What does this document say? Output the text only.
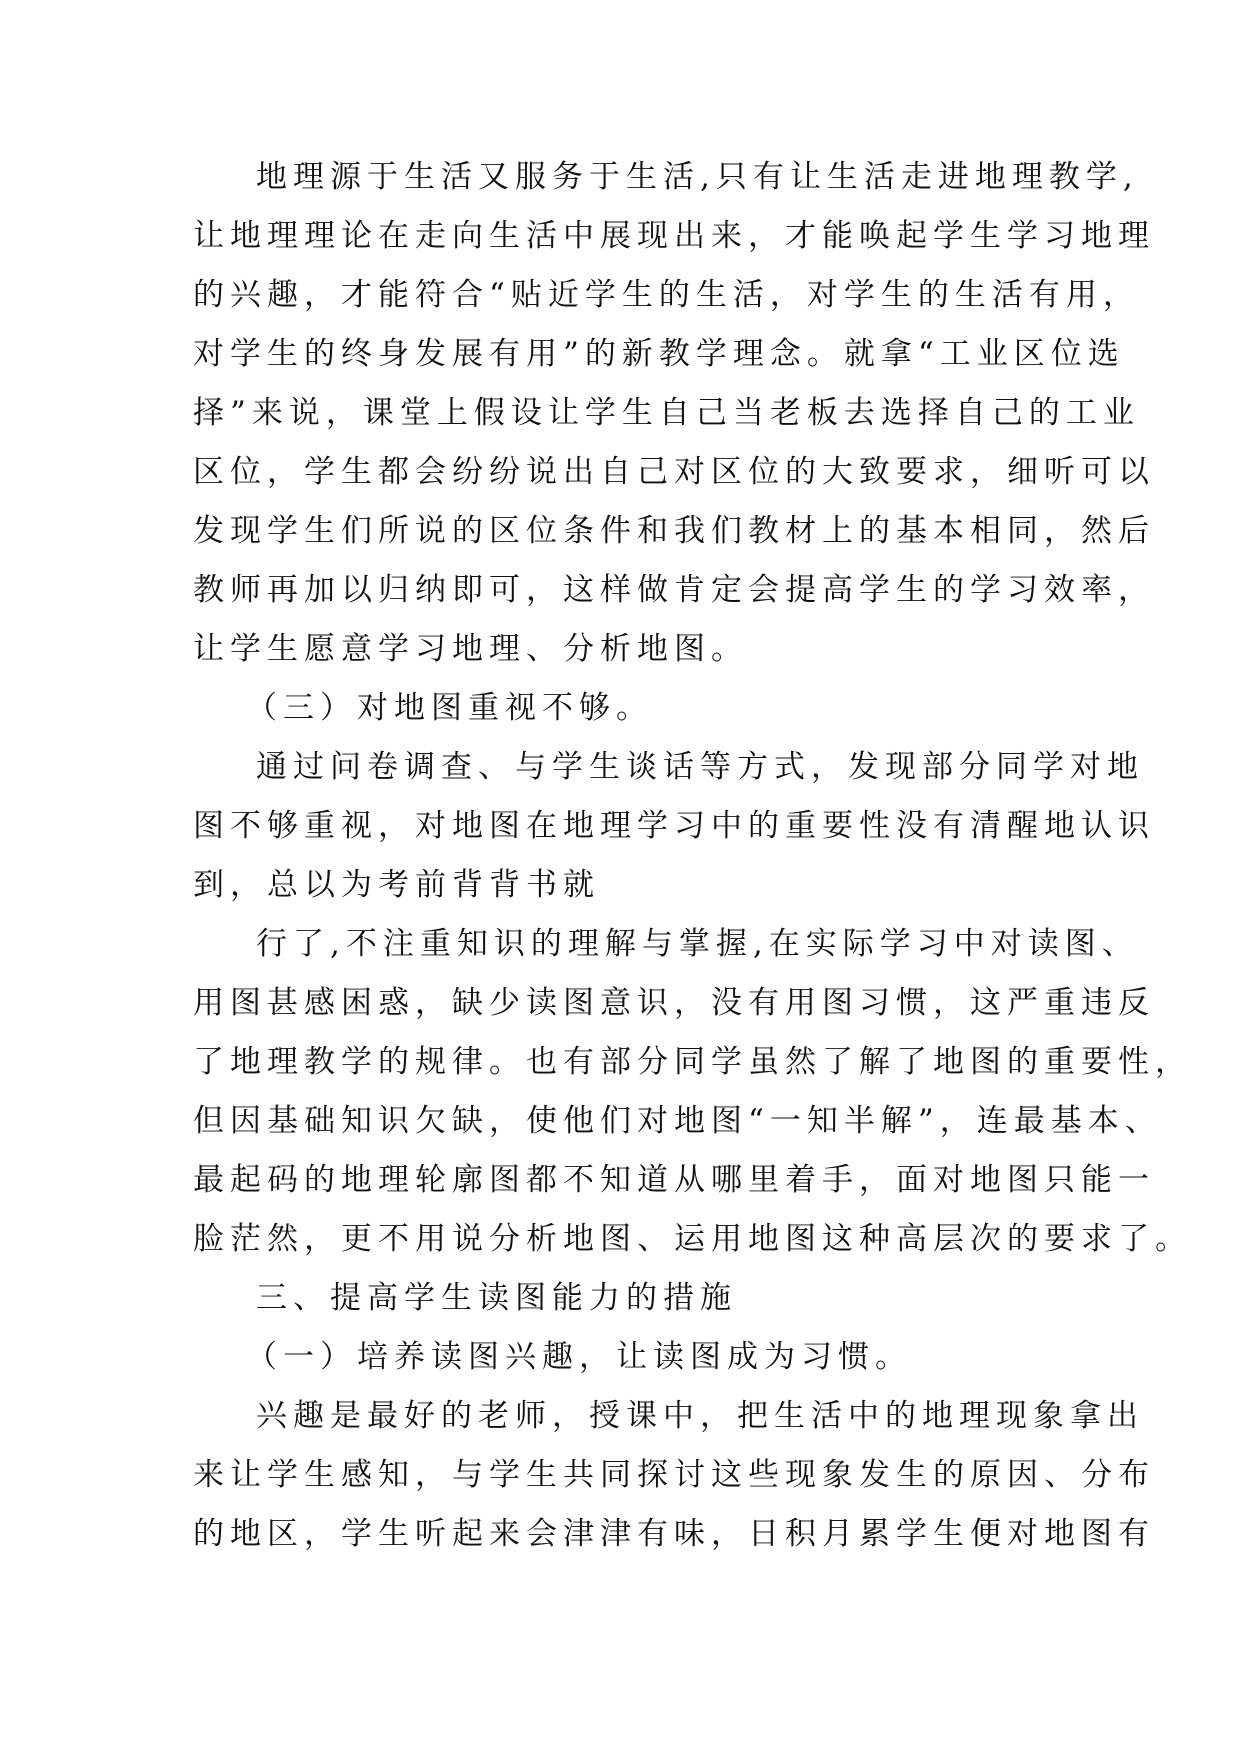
地理源于生活又服务于生活,只有让生活走进地理教学,
让地理理论在走向生活中展现出来，才能唤起学生学习地理
的兴趣，才能符合“贴近学生的生活，对学生的生活有用，
对学生的终身发展有用”的新教学理念。就拿“工业区位选
择”来说，课堂上假设让学生自己当老板去选择自己的工业
区位，学生都会纷纷说出自己对区位的大致要求，细听可以
发现学生们所说的区位条件和我们教材上的基本相同，然后
教师再加以归纳即可，这样做肯定会提高学生的学习效率，
让学生愿意学习地理、分析地图。
（三）对地图重视不够。
通过问卷调查、与学生谈话等方式，发现部分同学对地
图不够重视，对地图在地理学习中的重要性没有清醒地认识
到，总以为考前背背书就
行了,不注重知识的理解与掌握,在实际学习中对读图、
用图甚感困惑，缺少读图意识，没有用图习惯，这严重违反
了地理教学的规律。也有部分同学虽然了解了地图的重要性，
但因基础知识欠缺，使他们对地图“一知半解”，连最基本、
最起码的地理轮廓图都不知道从哪里着手，面对地图只能一
脸茫然，更不用说分析地图、运用地图这种高层次的要求了。
三、提高学生读图能力的措施
（一）培养读图兴趣，让读图成为习惯。
兴趣是最好的老师，授课中，把生活中的地理现象拿出
来让学生感知，与学生共同探讨这些现象发生的原因、分布
的地区，学生听起来会津津有味，日积月累学生便对地图有
